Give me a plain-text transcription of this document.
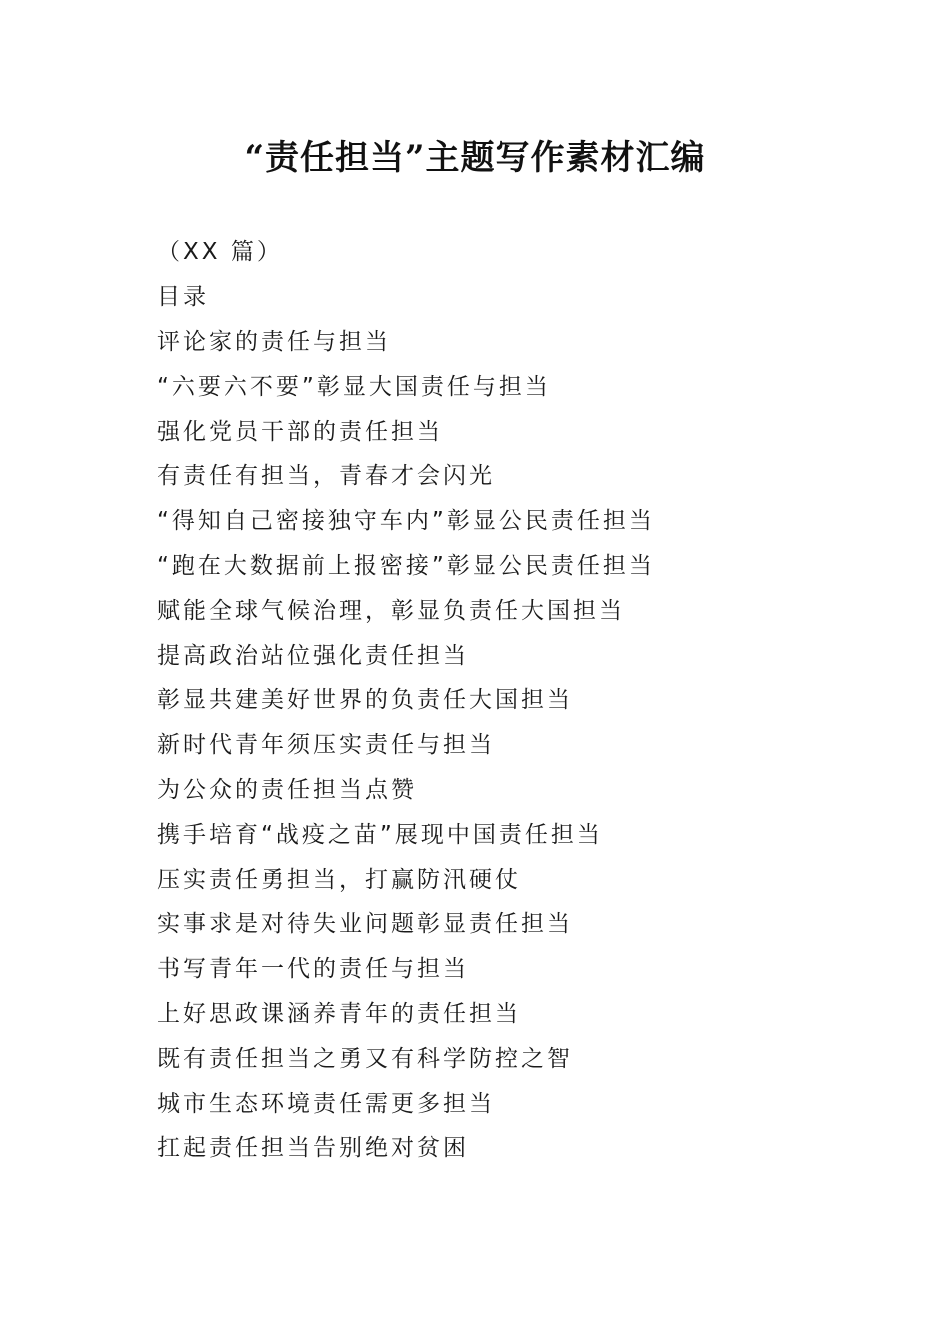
“责任担当”主题写作素材汇编
（XX 篇）
目录
评论家的责任与担当
“六要六不要”彰显大国责任与担当
强化党员干部的责任担当
有责任有担当，青春才会闪光
“得知自己密接独守车内”彰显公民责任担当
“跑在大数据前上报密接”彰显公民责任担当
赋能全球气候治理，彰显负责任大国担当
提高政治站位强化责任担当
彰显共建美好世界的负责任大国担当
新时代青年须压实责任与担当
为公众的责任担当点赞
携手培育“战疫之苗”展现中国责任担当
压实责任勇担当，打赢防汛硬仗
实事求是对待失业问题彰显责任担当
书写青年一代的责任与担当
上好思政课涵养青年的责任担当
既有责任担当之勇又有科学防控之智
城市生态环境责任需更多担当
扛起责任担当告别绝对贫困
